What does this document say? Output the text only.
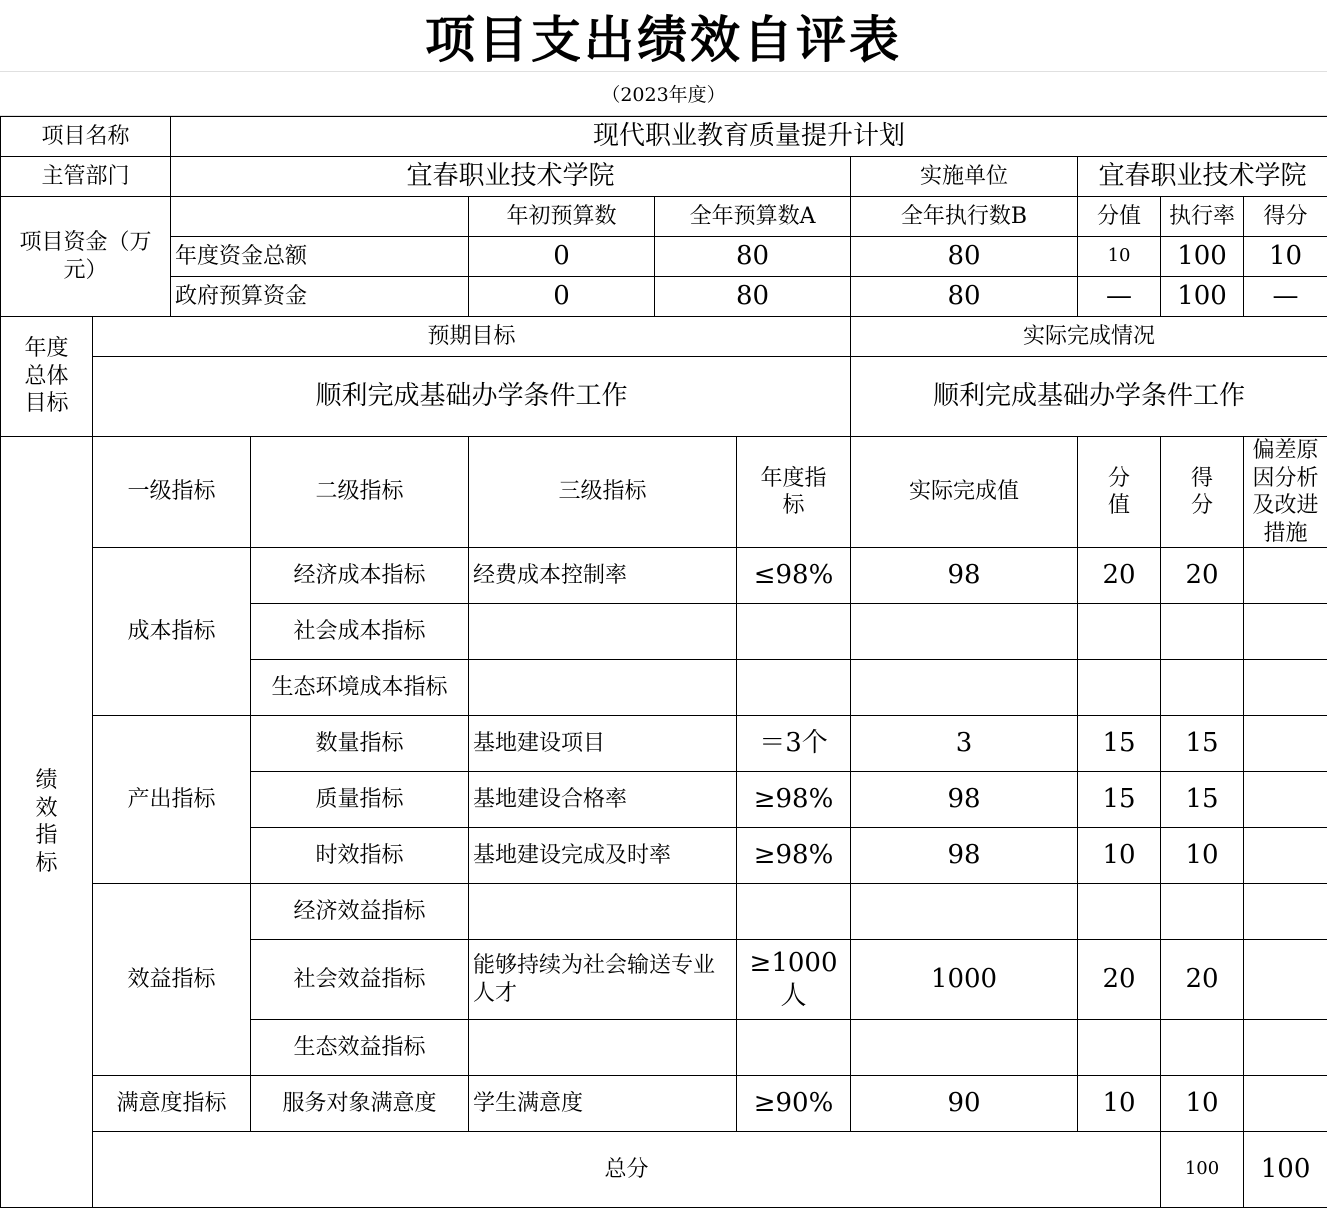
项目支出绩效自评表
（2023年度）
项目名称		现代职业教育质量提升计划									
主管部门		宜春职业技术学院					实施单位	宜春职业技术学院			
项目资金（万元）				年初预算数	全年预算数A		全年执行数B	分值	执行率	得分	
		年度资金总额		0	80		80	10	100	10	
		政府预算资金		0	80		80	—	100	—	
年度总体目标	预期目标						实际完成情况				
	顺利完成基础办学条件工作						顺利完成基础办学条件工作				
绩效指标	一级指标		二级指标	三级指标		年度指标	实际完成值	分值	得分	偏差原因分析及改进措施	
	成本指标		经济成本指标	经费成本控制率		≤98%	98	20	20		
			社会成本指标								
			生态环境成本指标								
	产出指标		数量指标	基地建设项目		＝3个	3	15	15		
			质量指标	基地建设合格率		≥98%	98	15	15		
			时效指标	基地建设完成及时率		≥98%	98	10	10		
	效益指标		经济效益指标								
			社会效益指标	能够持续为社会输送专业人才		≥1000人	1000	20	20		
			生态效益指标								
	满意度指标		服务对象满意度	学生满意度		≥90%	90	10	10		
	总分								100	100	
